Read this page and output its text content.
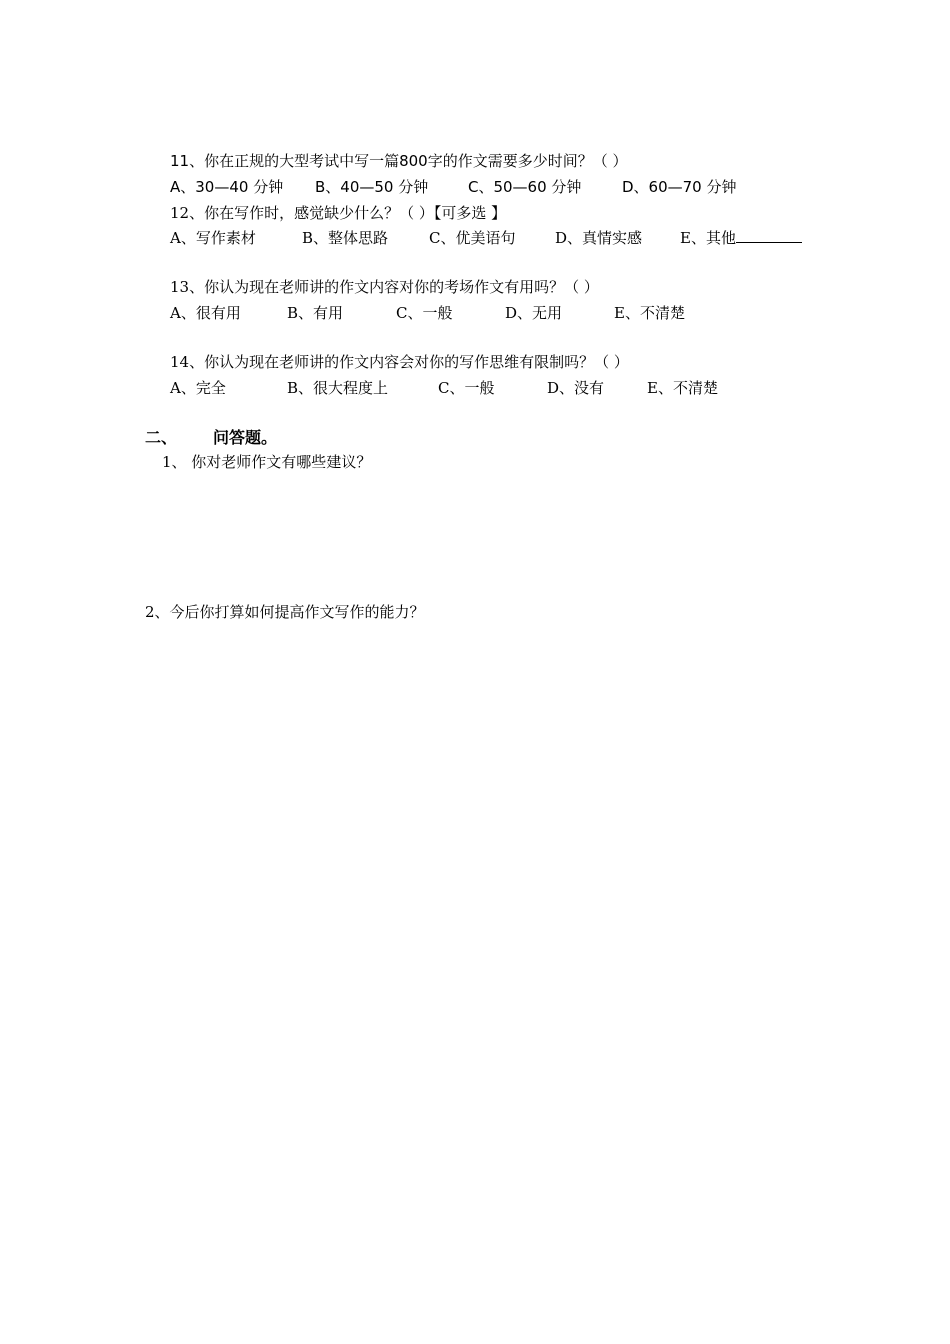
11、你在正规的大型考试中写一篇800字的作文需要多少时间？（ ）
A、30—40 分钟 B、40—50 分钟	C、50—60 分钟	D、60—70 分钟
12、你在写作时，感觉缺少什么？（ ）【可多选 】
A、写作素材	B、整体思路	C、优美语句	D、真情实感	E、其他
13、你认为现在老师讲的作文内容对你的考场作文有用吗？（ ）
A、很有用	B、有用	C、一般	D、无用	E、不清楚
14、你认为现在老师讲的作文内容会对你的写作思维有限制吗？（ ）
A、完全	B、很大程度上	C、一般	D、没有	E、不清楚
二、 问答题。
1、 你对老师作文有哪些建议？
2、今后你打算如何提高作文写作的能力？
